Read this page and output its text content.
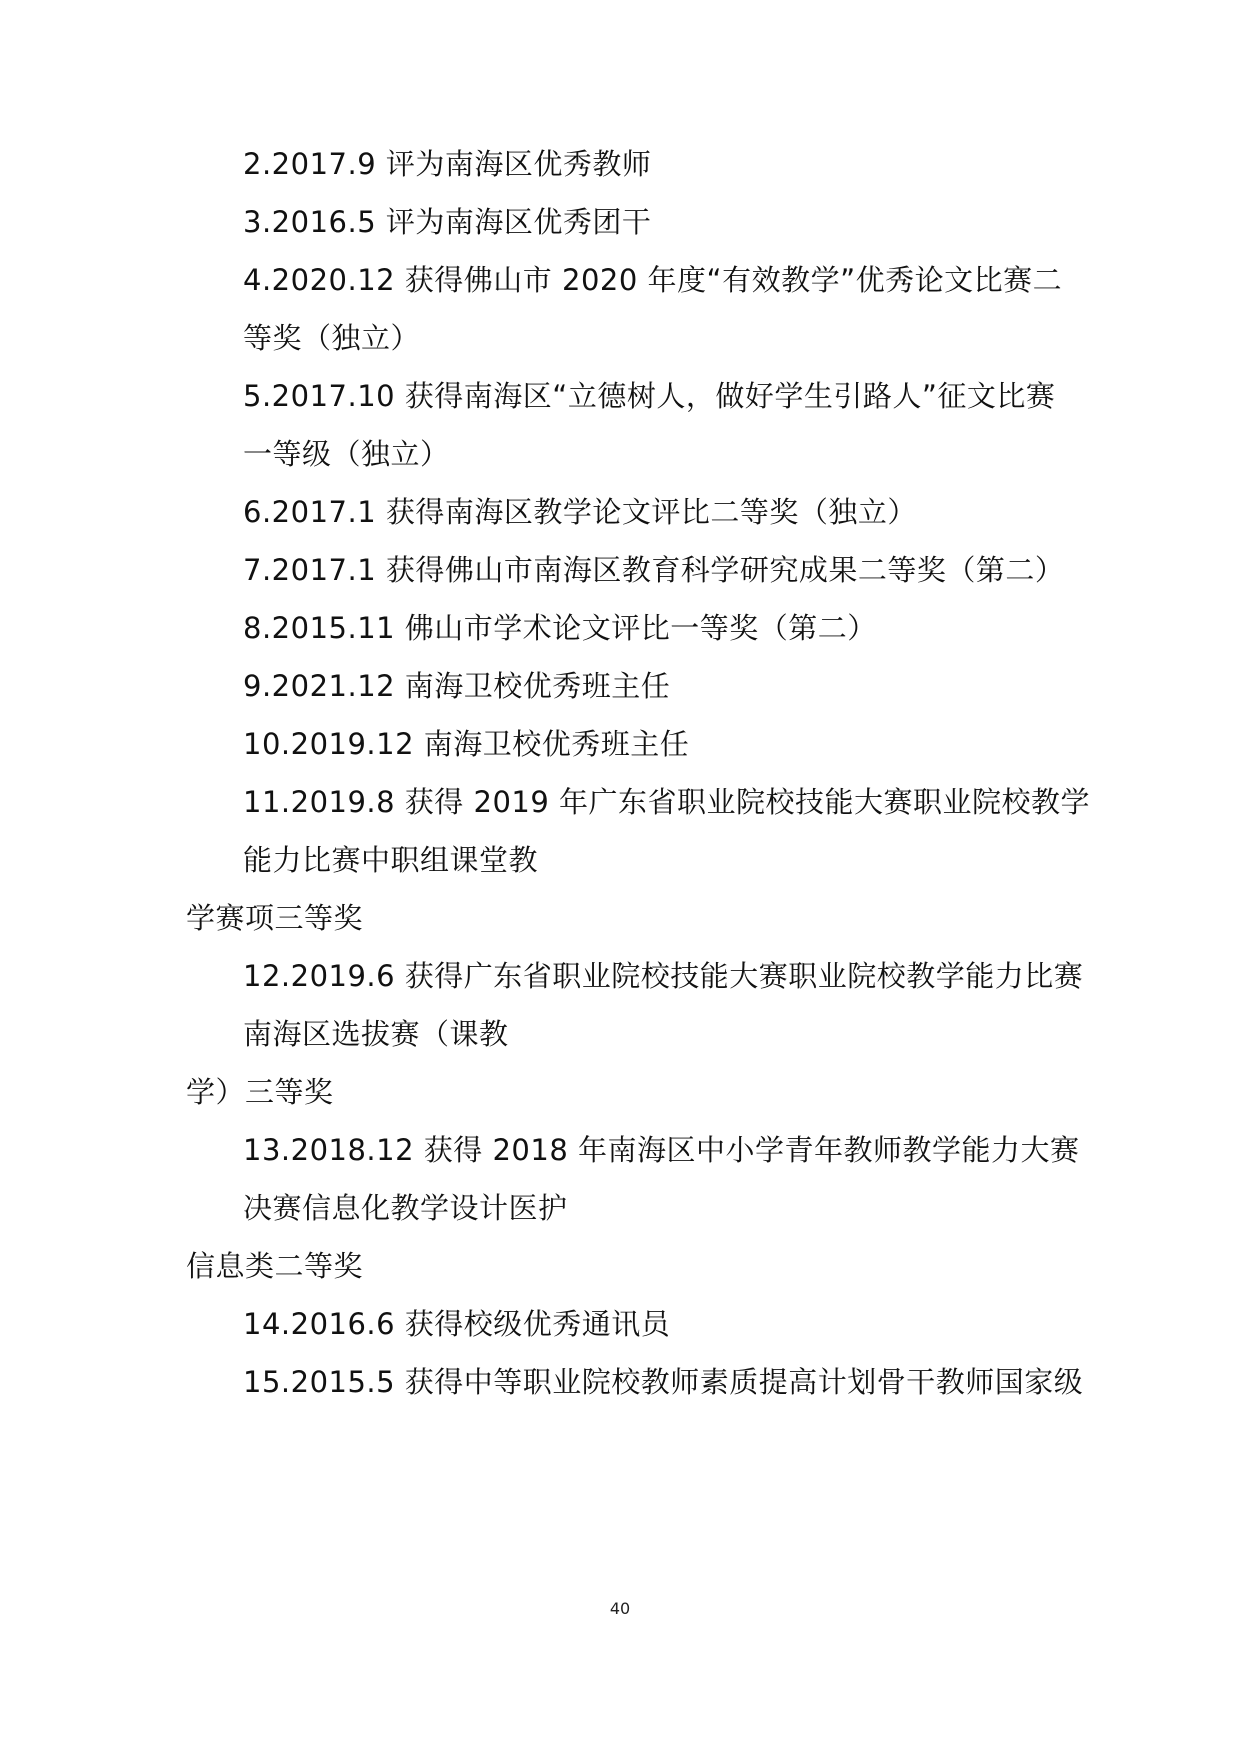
2.2017.9 评为南海区优秀教师
3.2016.5 评为南海区优秀团干
4.2020.12 获得佛山市 2020 年度“有效教学”优秀论文比赛二
等奖（独立）
5.2017.10 获得南海区“立德树人，做好学生引路人”征文比赛
一等级（独立）
6.2017.1 获得南海区教学论文评比二等奖（独立）
7.2017.1 获得佛山市南海区教育科学研究成果二等奖（第二）
8.2015.11 佛山市学术论文评比一等奖（第二）
9.2021.12 南海卫校优秀班主任
10.2019.12 南海卫校优秀班主任
11.2019.8 获得 2019 年广东省职业院校技能大赛职业院校教学
能力比赛中职组课堂教
学赛项三等奖
12.2019.6 获得广东省职业院校技能大赛职业院校教学能力比赛
南海区选拔赛（课教
学）三等奖
13.2018.12 获得 2018 年南海区中小学青年教师教学能力大赛
决赛信息化教学设计医护
信息类二等奖
14.2016.6 获得校级优秀通讯员
15.2015.5 获得中等职业院校教师素质提高计划骨干教师国家级
40
